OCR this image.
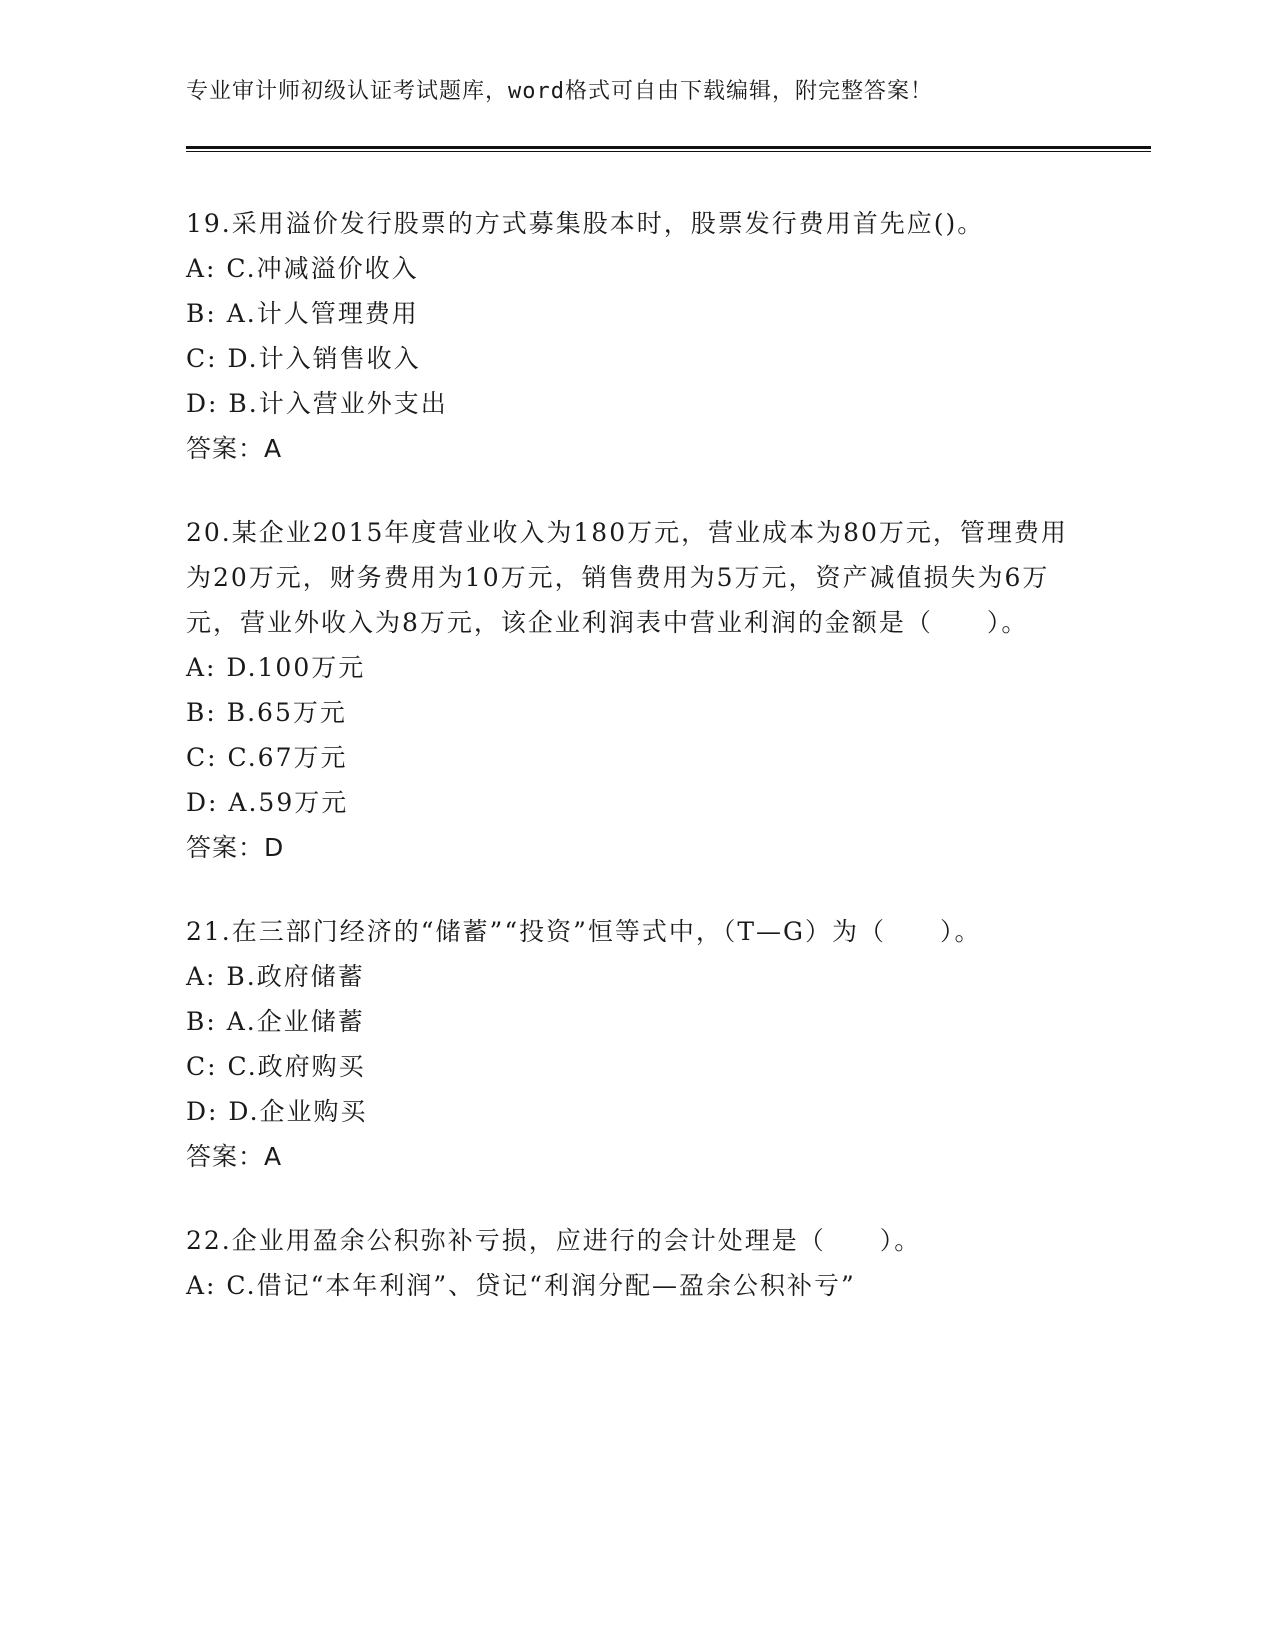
专业审计师初级认证考试题库，word格式可自由下载编辑，附完整答案！
19.采用溢价发行股票的方式募集股本时，股票发行费用首先应()。
A: C.冲减溢价收入
B: A.计人管理费用
C: D.计入销售收入
D: B.计入营业外支出
答案：A
20.某企业2015年度营业收入为180万元，营业成本为80万元，管理费用为20万元，财务费用为10万元，销售费用为5万元，资产减值损失为6万元，营业外收入为8万元，该企业利润表中营业利润的金额是（　　）。
A: D.100万元
B: B.65万元
C: C.67万元
D: A.59万元
答案：D
21.在三部门经济的“储蓄”“投资”恒等式中，（T—G）为（　　）。
A: B.政府储蓄
B: A.企业储蓄
C: C.政府购买
D: D.企业购买
答案：A
22.企业用盈余公积弥补亏损，应进行的会计处理是（　　）。
A: C.借记“本年利润”、贷记“利润分配—盈余公积补亏”
